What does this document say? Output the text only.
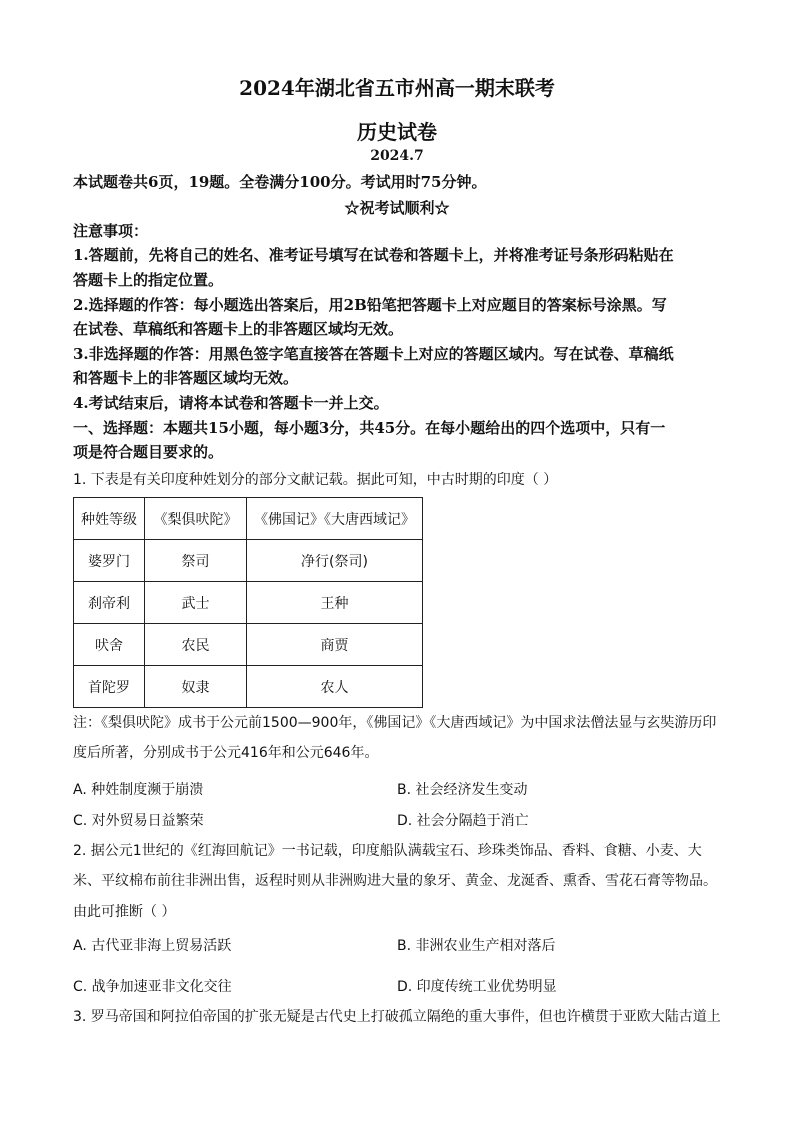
2024年湖北省五市州高一期末联考
历史试卷
2024.7
本试题卷共6页，19题。全卷满分100分。考试用时75分钟。
☆祝考试顺利☆
注意事项：
1.答题前，先将自己的姓名、准考证号填写在试卷和答题卡上，并将准考证号条形码粘贴在
答题卡上的指定位置。
2.选择题的作答：每小题选出答案后，用2B铅笔把答题卡上对应题目的答案标号涂黑。写
在试卷、草稿纸和答题卡上的非答题区域均无效。
3.非选择题的作答：用黑色签字笔直接答在答题卡上对应的答题区域内。写在试卷、草稿纸
和答题卡上的非答题区域均无效。
4.考试结束后，请将本试卷和答题卡一并上交。
一、选择题：本题共15小题，每小题3分，共45分。在每小题给出的四个选项中，只有一
项是符合题目要求的。
1. 下表是有关印度种姓划分的部分文献记载。据此可知，中古时期的印度（ ）
种姓等级	《梨俱吠陀》	《佛国记》《大唐西域记》
婆罗门	祭司	净行(祭司)
刹帝利	武士	王种
吠舍	农民	商贾
首陀罗	奴隶	农人
注：《梨俱吠陀》成书于公元前1500—900年，《佛国记》《大唐西域记》为中国求法僧法显与玄奘游历印
度后所著，分别成书于公元416年和公元646年。
A. 种姓制度濒于崩溃	B. 社会经济发生变动
C. 对外贸易日益繁荣	D. 社会分隔趋于消亡
2. 据公元1世纪的《红海回航记》一书记载，印度船队满载宝石、珍珠类饰品、香料、食糖、小麦、大
米、平纹棉布前往非洲出售，返程时则从非洲购进大量的象牙、黄金、龙涎香、熏香、雪花石膏等物品。
由此可推断（ ）
A. 古代亚非海上贸易活跃	B. 非洲农业生产相对落后
C. 战争加速亚非文化交往	D. 印度传统工业优势明显
3. 罗马帝国和阿拉伯帝国的扩张无疑是古代史上打破孤立隔绝的重大事件，但也许横贯于亚欧大陆古道上
